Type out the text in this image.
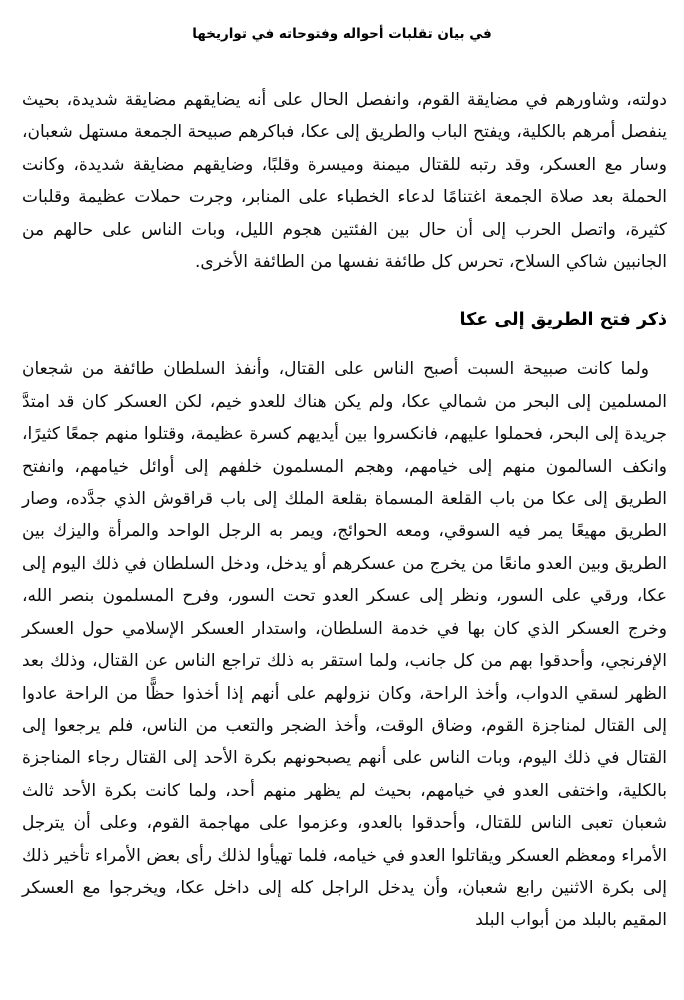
في بيان تقلبات أحواله وفتوحاته في تواريخها

دولته، وشاورهم في مضايقة القوم، وانفصل الحال على أنه يضايقهم مضايقة شديدة، بحيث ينفصل أمرهم بالكلية، ويفتح الباب والطريق إلى عكا، فباكرهم صبيحة الجمعة مستهل شعبان، وسار مع العسكر، وقد رتبه للقتال ميمنة وميسرة وقلبًا، وضايقهم مضايقة شديدة، وكانت الحملة بعد صلاة الجمعة اغتنامًا لدعاء الخطباء على المنابر، وجرت حملات عظيمة وقلبات كثيرة، واتصل الحرب إلى أن حال بين الفئتين هجوم الليل، وبات الناس على حالهم من الجانبين شاكي السلاح، تحرس كل طائفة نفسها من الطائفة الأخرى.

ذكر فتح الطريق إلى عكا

ولما كانت صبيحة السبت أصبح الناس على القتال، وأنفذ السلطان طائفة من شجعان المسلمين إلى البحر من شمالي عكا، ولم يكن هناك للعدو خيم، لكن العسكر كان قد امتدَّ جريدة إلى البحر، فحملوا عليهم، فانكسروا بين أيديهم كسرة عظيمة، وقتلوا منهم جمعًا كثيرًا، وانكف السالمون منهم إلى خيامهم، وهجم المسلمون خلفهم إلى أوائل خيامهم، وانفتح الطريق إلى عكا من باب القلعة المسماة بقلعة الملك إلى باب قراقوش الذي جدَّده، وصار الطريق مهيعًا يمر فيه السوقي، ومعه الحوائج، ويمر به الرجل الواحد والمرأة واليزك بين الطريق وبين العدو مانعًا من يخرج من عسكرهم أو يدخل، ودخل السلطان في ذلك اليوم إلى عكا، ورقي على السور، ونظر إلى عسكر العدو تحت السور، وفرح المسلمون بنصر الله، وخرج العسكر الذي كان بها في خدمة السلطان، واستدار العسكر الإسلامي حول العسكر الإفرنجي، وأحدقوا بهم من كل جانب، ولما استقر به ذلك تراجع الناس عن القتال، وذلك بعد الظهر لسقي الدواب، وأخذ الراحة، وكان نزولهم على أنهم إذا أخذوا حظًّا من الراحة عادوا إلى القتال لمناجزة القوم، وضاق الوقت، وأخذ الضجر والتعب من الناس، فلم يرجعوا إلى القتال في ذلك اليوم، وبات الناس على أنهم يصبحونهم بكرة الأحد إلى القتال رجاء المناجزة بالكلية، واختفى العدو في خيامهم، بحيث لم يظهر منهم أحد، ولما كانت بكرة الأحد ثالث شعبان تعبى الناس للقتال، وأحدقوا بالعدو، وعزموا على مهاجمة القوم، وعلى أن يترجل الأمراء ومعظم العسكر ويقاتلوا العدو في خيامه، فلما تهيأوا لذلك رأى بعض الأمراء تأخير ذلك إلى بكرة الاثنين رابع شعبان، وأن يدخل الراجل كله إلى داخل عكا، ويخرجوا مع العسكر المقيم بالبلد من أبواب البلد
